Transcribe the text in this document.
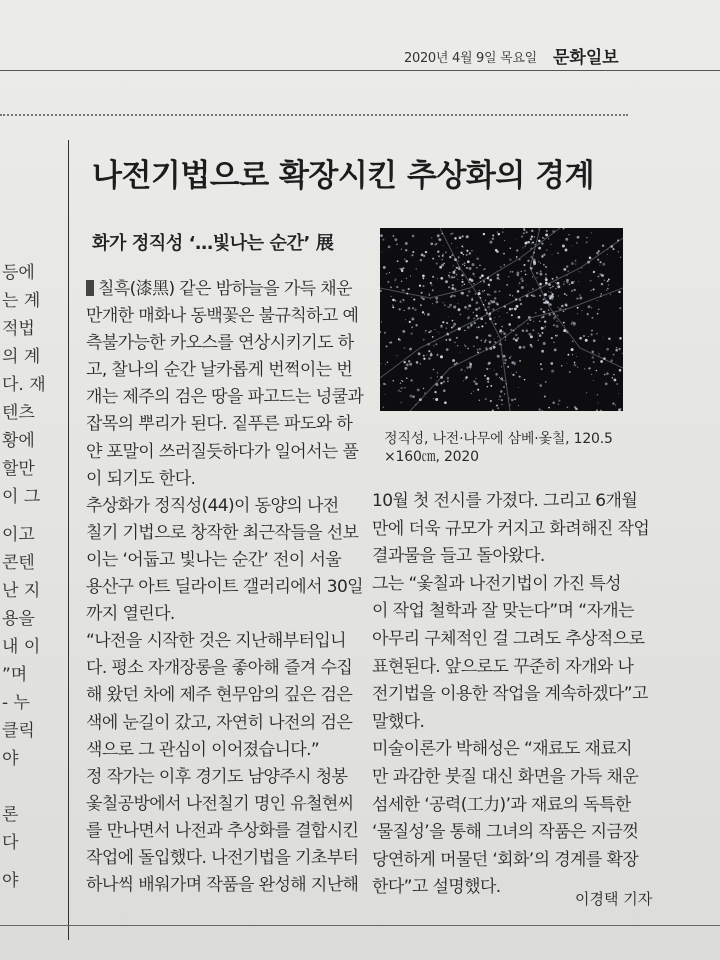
2020년 4월 9일 목요일 문화일보
등에
는 계
적법
의 계
다. 재
텐츠
황에
할만
이 그
이고
콘텐
난 지
용을
내 이
”며
- 누
클릭
야
론
다
야
나전기법으로 확장시킨 추상화의 경계
화가 정직성 ‘…빛나는 순간’ 展
정직성, 나전·나무에 삼베·옻칠, 120.5
×160㎝, 2020
칠흑(漆黑) 같은 밤하늘을 가득 채운
만개한 매화나 동백꽃은 불규칙하고 예
측불가능한 카오스를 연상시키기도 하
고, 찰나의 순간 날카롭게 번쩍이는 번
개는 제주의 검은 땅을 파고드는 넝쿨과
잡목의 뿌리가 된다. 짙푸른 파도와 하
얀 포말이 쓰러질듯하다가 일어서는 풀
이 되기도 한다.
추상화가 정직성(44)이 동양의 나전
칠기 기법으로 창작한 최근작들을 선보
이는 ‘어둡고 빛나는 순간’ 전이 서울
용산구 아트 딜라이트 갤러리에서 30일
까지 열린다.
“나전을 시작한 것은 지난해부터입니
다. 평소 자개장롱을 좋아해 즐겨 수집
해 왔던 차에 제주 현무암의 깊은 검은
색에 눈길이 갔고, 자연히 나전의 검은
색으로 그 관심이 이어졌습니다.”
정 작가는 이후 경기도 남양주시 청봉
옻칠공방에서 나전칠기 명인 유철현씨
를 만나면서 나전과 추상화를 결합시킨
작업에 돌입했다. 나전기법을 기초부터
하나씩 배워가며 작품을 완성해 지난해
10월 첫 전시를 가졌다. 그리고 6개월
만에 더욱 규모가 커지고 화려해진 작업
결과물을 들고 돌아왔다.
그는 “옻칠과 나전기법이 가진 특성
이 작업 철학과 잘 맞는다”며 “자개는
아무리 구체적인 걸 그려도 추상적으로
표현된다. 앞으로도 꾸준히 자개와 나
전기법을 이용한 작업을 계속하겠다”고
말했다.
미술이론가 박해성은 “재료도 재료지
만 과감한 붓질 대신 화면을 가득 채운
섬세한 ‘공력(工力)’과 재료의 독특한
‘물질성’을 통해 그녀의 작품은 지금껏
당연하게 머물던 ‘회화’의 경계를 확장
한다”고 설명했다.
이경택 기자
